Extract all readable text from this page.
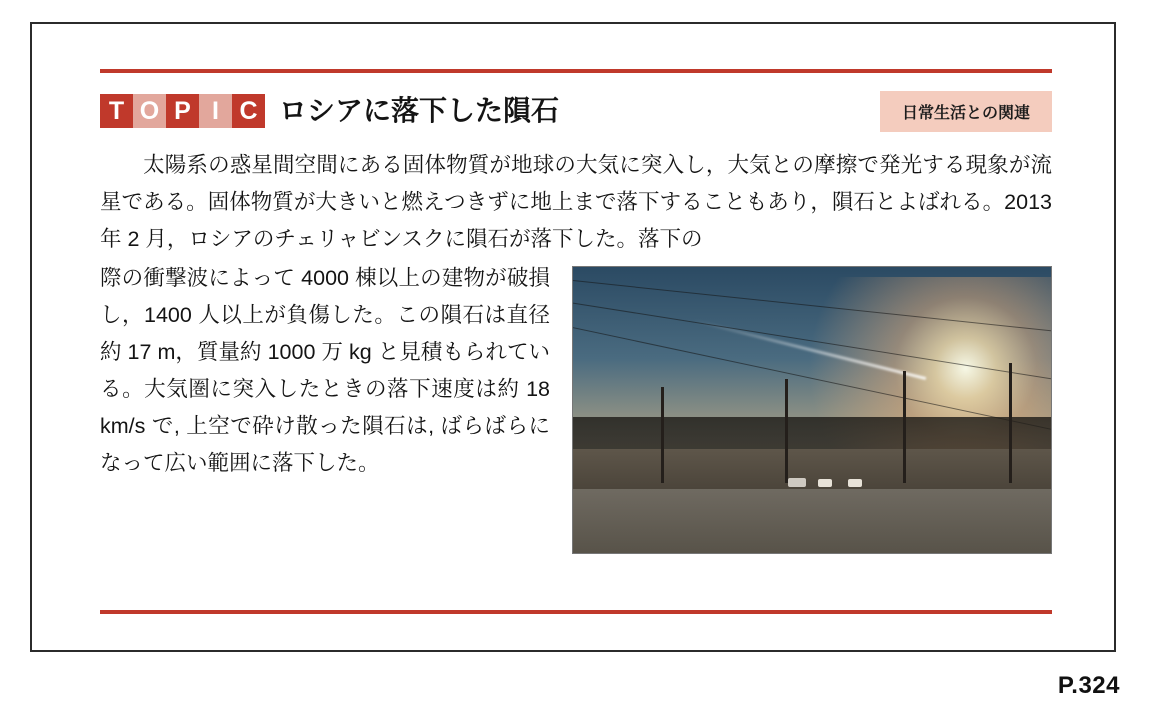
T O P I C ロシアに落下した隕石	日常生活との関連
　太陽系の惑星間空間にある固体物質が地球の大気に突入し，大気との摩擦で発光する現象が流星である。固体物質が大きいと燃えつきずに地上まで落下することもあり，隕石とよばれる。2013 年 2 月，ロシアのチェリャビンスクに隕石が落下した。落下の
際の衝撃波によって 4000 棟以上の建物が破損し，1400 人以上が負傷した。この隕石は直径約 17 m，質量約 1000 万 kg と見積もられている。大気圏に突入したときの落下速度は約 18 km/s で, 上空で砕け散った隕石は, ばらばらになって広い範囲に落下した。
P.324
